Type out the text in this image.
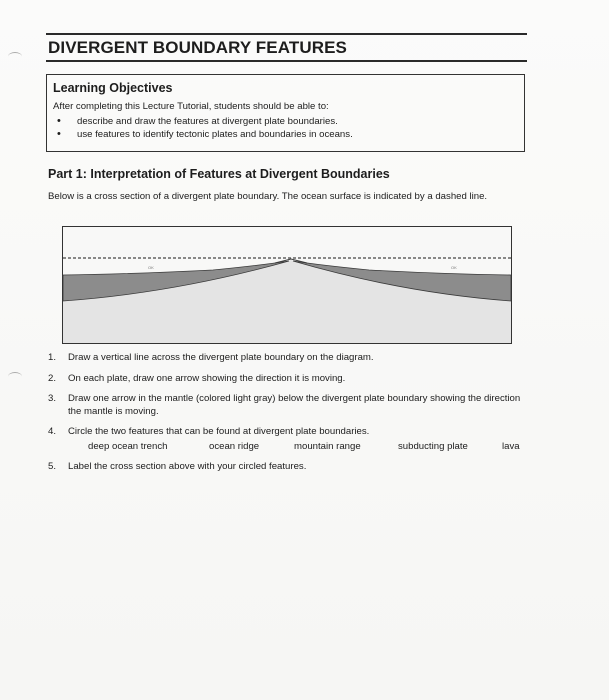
DIVERGENT BOUNDARY FEATURES
Learning Objectives
After completing this Lecture Tutorial, students should be able to:
• describe and draw the features at divergent plate boundaries.
• use features to identify tectonic plates and boundaries in oceans.
Part 1: Interpretation of Features at Divergent Boundaries
Below is a cross section of a divergent plate boundary. The ocean surface is indicated by a dashed line.
OK	OK
1. Draw a vertical line across the divergent plate boundary on the diagram.
2. On each plate, draw one arrow showing the direction it is moving.
3. Draw one arrow in the mantle (colored light gray) below the divergent plate boundary showing the direction the mantle is moving.
4. Circle the two features that can be found at divergent plate boundaries.
deep ocean trench	ocean ridge	mountain range	subducting plate	lava
5. Label the cross section above with your circled features.
